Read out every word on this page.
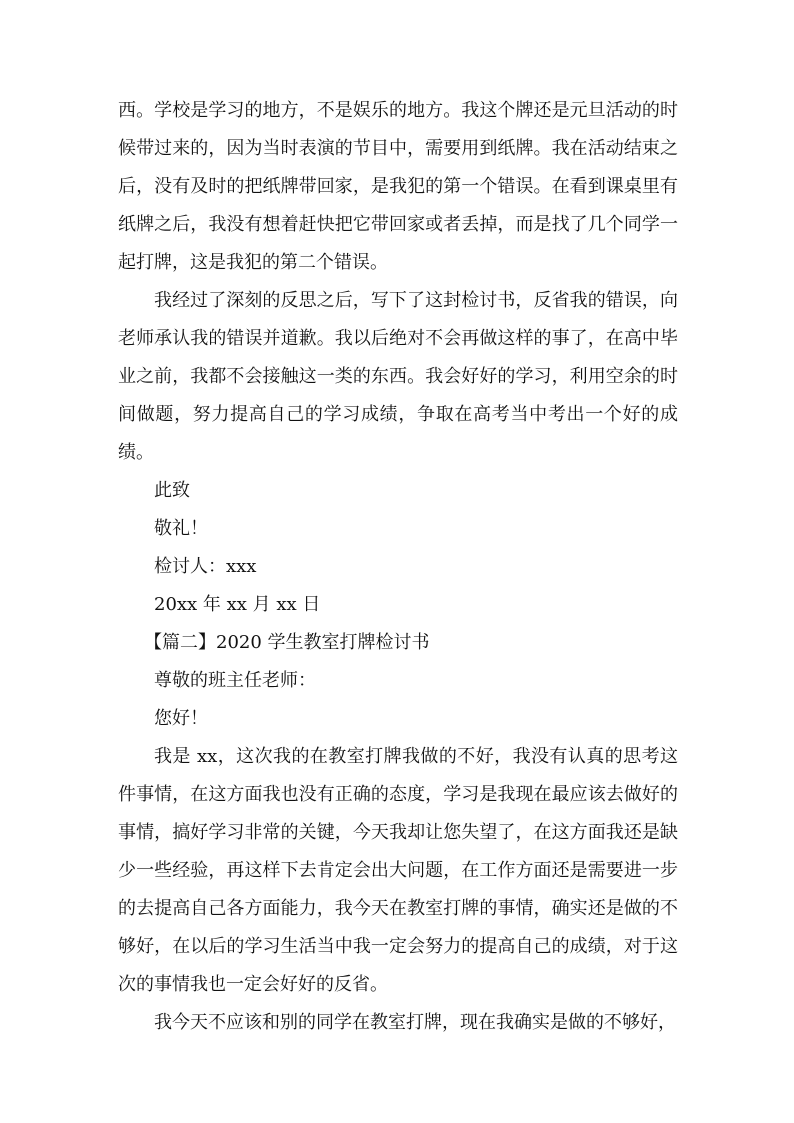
西。学校是学习的地方，不是娱乐的地方。我这个牌还是元旦活动的时候带过来的，因为当时表演的节目中，需要用到纸牌。我在活动结束之后，没有及时的把纸牌带回家，是我犯的第一个错误。在看到课桌里有纸牌之后，我没有想着赶快把它带回家或者丢掉，而是找了几个同学一起打牌，这是我犯的第二个错误。

我经过了深刻的反思之后，写下了这封检讨书，反省我的错误，向老师承认我的错误并道歉。我以后绝对不会再做这样的事了，在高中毕业之前，我都不会接触这一类的东西。我会好好的学习，利用空余的时间做题，努力提高自己的学习成绩，争取在高考当中考出一个好的成绩。

此致

敬礼！

检讨人：xxx

20xx 年 xx 月 xx 日

【篇二】2020 学生教室打牌检讨书

尊敬的班主任老师：

您好！

我是 xx，这次我的在教室打牌我做的不好，我没有认真的思考这件事情，在这方面我也没有正确的态度，学习是我现在最应该去做好的事情，搞好学习非常的关键，今天我却让您失望了，在这方面我还是缺少一些经验，再这样下去肯定会出大问题，在工作方面还是需要进一步的去提高自己各方面能力，我今天在教室打牌的事情，确实还是做的不够好，在以后的学习生活当中我一定会努力的提高自己的成绩，对于这次的事情我也一定会好好的反省。

我今天不应该和别的同学在教室打牌，现在我确实是做的不够好，
